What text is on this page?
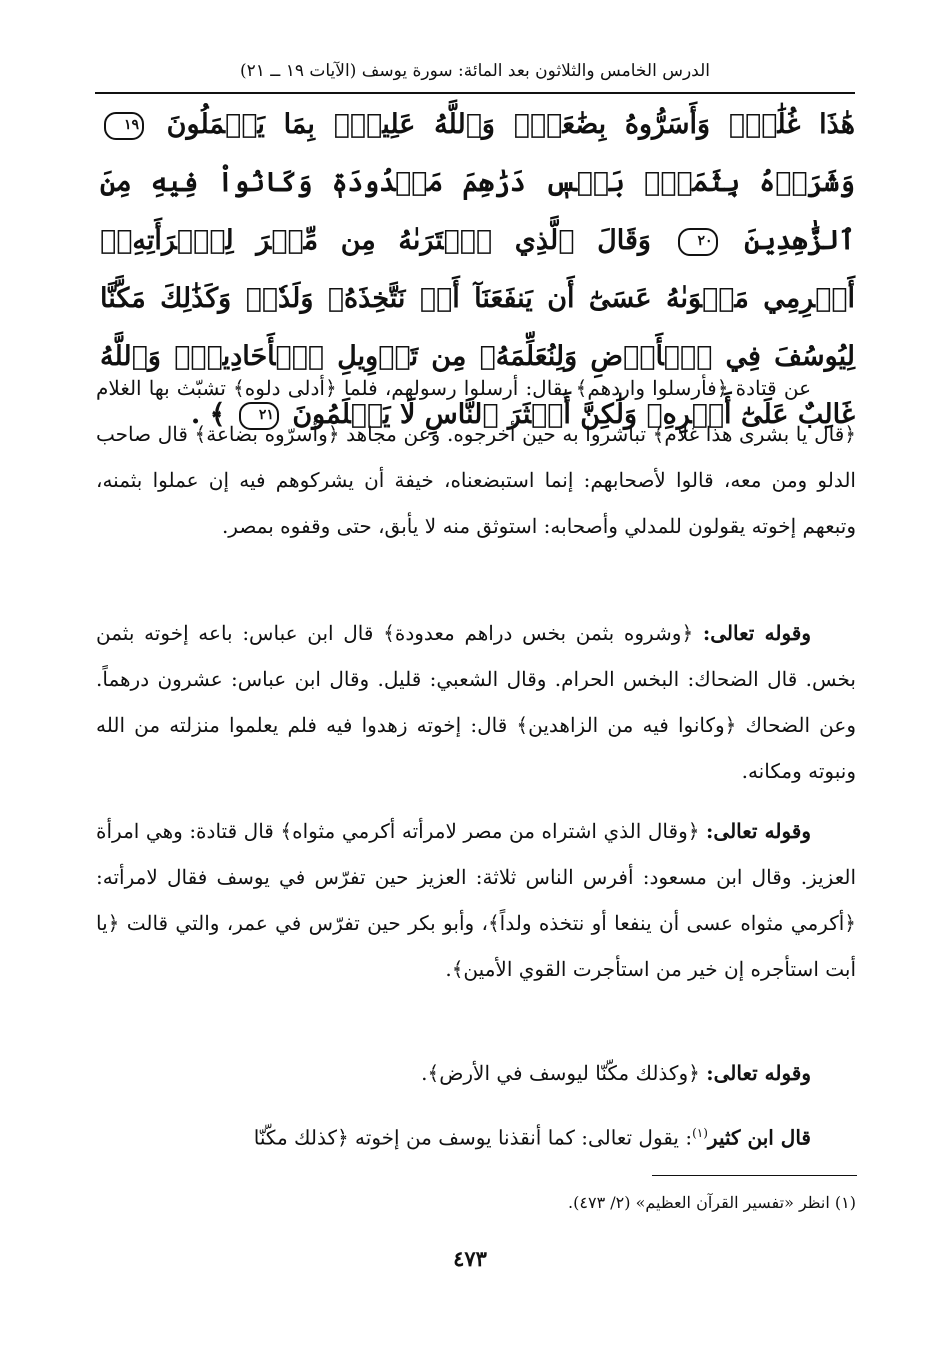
الدرس الخامس والثلاثون بعد المائة: سورة يوسف (الآيات ١٩ ــ ٢١)
هَٰذَا غُلَٰمٌۚ وَأَسَرُّوهُ بِضَٰعَةًۚ وَٱللَّهُ عَلِيمُۢ بِمَا يَعۡمَلُونَ ١٩ وَشَرَوۡهُ بِثَمَنِۭ بَخۡسٖ دَرَٰهِمَ مَعۡدُودَةٖ وَكَانُواْ فِيهِ مِنَ ٱلزَّٰهِدِينَ ٢٠ وَقَالَ ٱلَّذِي ٱشۡتَرَىٰهُ مِن مِّصۡرَ لِٱمۡرَأَتِهِۦٓ أَكۡرِمِي مَثۡوَىٰهُ عَسَىٰٓ أَن يَنفَعَنَآ أَوۡ نَتَّخِذَهُۥ وَلَدٗاۚ وَكَذَٰلِكَ مَكَّنَّا لِيُوسُفَ فِي ٱلۡأَرۡضِ وَلِنُعَلِّمَهُۥ مِن تَأۡوِيلِ ٱلۡأَحَادِيثِۚ وَٱللَّهُ غَالِبٌ عَلَىٰٓ أَمۡرِهِۦ وَلَٰكِنَّ أَكۡثَرَ ٱلنَّاسِ لَا يَعۡلَمُونَ ٢١ ﴾ .
عن قتادة ﴿فأرسلوا واردهم﴾ يقال: أرسلوا رسولهم، فلما ﴿أدلى دلوه﴾ تشبّث بها الغلام ﴿قال يا بشرى هذا غلام﴾ تباشروا به حين أخرجوه. وعن مجاهد ﴿وأسرّوه بضاعة﴾ قال صاحب الدلو ومن معه، قالوا لأصحابهم: إنما استبضعناه، خيفة أن يشركوهم فيه إن عملوا بثمنه، وتبعهم إخوته يقولون للمدلي وأصحابه: استوثق منه لا يأبق، حتى وقفوه بمصر.
وقوله تعالى: ﴿وشروه بثمن بخس دراهم معدودة﴾ قال ابن عباس: باعه إخوته بثمن بخس. قال الضحاك: البخس الحرام. وقال الشعبي: قليل. وقال ابن عباس: عشرون درهماً. وعن الضحاك ﴿وكانوا فيه من الزاهدين﴾ قال: إخوته زهدوا فيه فلم يعلموا منزلته من الله ونبوته ومكانه.
وقوله تعالى: ﴿وقال الذي اشتراه من مصر لامرأته أكرمي مثواه﴾ قال قتادة: وهي امرأة العزيز. وقال ابن مسعود: أفرس الناس ثلاثة: العزيز حين تفرّس في يوسف فقال لامرأته: ﴿أكرمي مثواه عسى أن ينفعا أو نتخذه ولداً﴾، وأبو بكر حين تفرّس في عمر، والتي قالت ﴿يا أبت استأجره إن خير من استأجرت القوي الأمين﴾.
وقوله تعالى: ﴿وكذلك مكّنّا ليوسف في الأرض﴾.
قال ابن كثير$^{(١)}$: يقول تعالى: كما أنقذنا يوسف من إخوته ﴿كذلك مكّنّا
(١) انظر «تفسير القرآن العظيم» (٢/ ٤٧٣).
٤٧٣
